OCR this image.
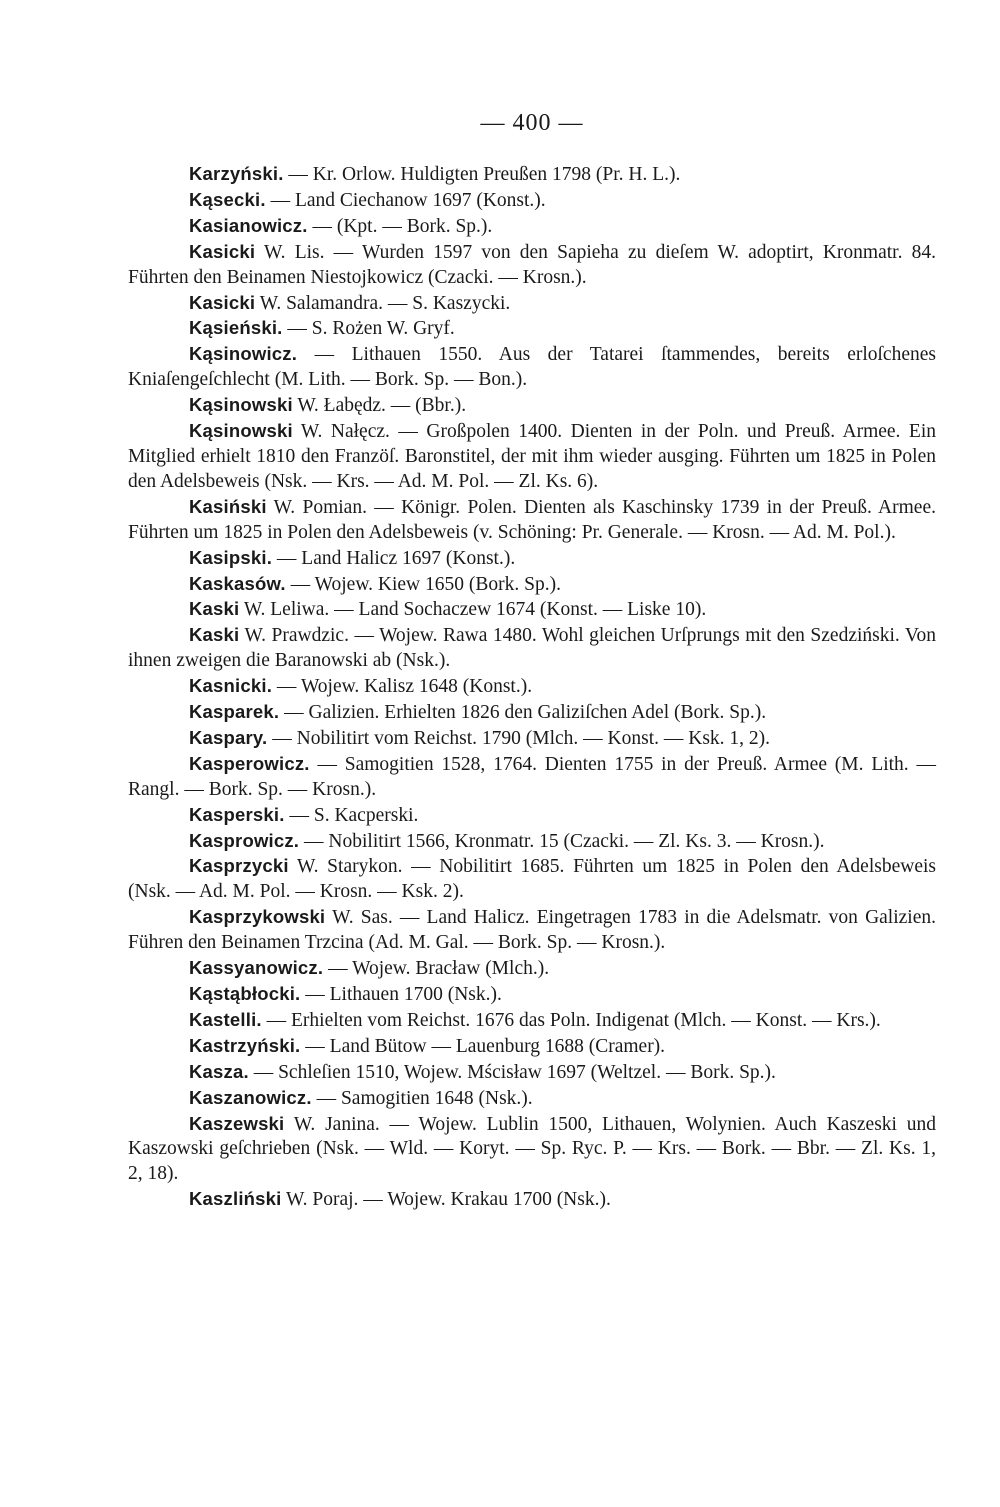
— 400 —

Karzyński. — Kr. Orlow. Huldigten Preußen 1798 (Pr. H. L.).

Kąsecki. — Land Ciechanow 1697 (Konst.).

Kasianowicz. — (Kpt. — Bork. Sp.).

Kasicki W. Lis. — Wurden 1597 von den Sapieha zu dieſem W. adoptirt, Kronmatr. 84. Führten den Beinamen Niestojkowicz (Czacki. — Krosn.).

Kasicki W. Salamandra. — S. Kaszycki.

Kąsieński. — S. Rożen W. Gryf.

Kąsinowicz. — Lithauen 1550. Aus der Tatarei ſtammendes, bereits erloſchenes Kniaſengeſchlecht (M. Lith. — Bork. Sp. — Bon.).

Kąsinowski W. Łabędz. — (Bbr.).

Kąsinowski W. Nałęcz. — Großpolen 1400. Dienten in der Poln. und Preuß. Armee. Ein Mitglied erhielt 1810 den Franzöſ. Baronstitel, der mit ihm wieder ausging. Führten um 1825 in Polen den Adelsbeweis (Nsk. — Krs. — Ad. M. Pol. — Zl. Ks. 6).

Kasiński W. Pomian. — Königr. Polen. Dienten als Kaschinsky 1739 in der Preuß. Armee. Führten um 1825 in Polen den Adelsbeweis (v. Schöning: Pr. Generale. — Krosn. — Ad. M. Pol.).

Kasipski. — Land Halicz 1697 (Konst.).

Kaskasów. — Wojew. Kiew 1650 (Bork. Sp.).

Kaski W. Leliwa. — Land Sochaczew 1674 (Konst. — Liske 10).

Kaski W. Prawdzic. — Wojew. Rawa 1480. Wohl gleichen Urſprungs mit den Szedziński. Von ihnen zweigen die Baranowski ab (Nsk.).

Kasnicki. — Wojew. Kalisz 1648 (Konst.).

Kasparek. — Galizien. Erhielten 1826 den Galiziſchen Adel (Bork. Sp.).

Kaspary. — Nobilitirt vom Reichst. 1790 (Mlch. — Konst. — Ksk. 1, 2).

Kasperowicz. — Samogitien 1528, 1764. Dienten 1755 in der Preuß. Armee (M. Lith. — Rangl. — Bork. Sp. — Krosn.).

Kasperski. — S. Kacperski.

Kasprowicz. — Nobilitirt 1566, Kronmatr. 15 (Czacki. — Zl. Ks. 3. — Krosn.).

Kasprzycki W. Starykon. — Nobilitirt 1685. Führten um 1825 in Polen den Adelsbeweis (Nsk. — Ad. M. Pol. — Krosn. — Ksk. 2).

Kasprzykowski W. Sas. — Land Halicz. Eingetragen 1783 in die Adelsmatr. von Galizien. Führen den Beinamen Trzcina (Ad. M. Gal. — Bork. Sp. — Krosn.).

Kassyanowicz. — Wojew. Bracław (Mlch.).

Kąstąbłocki. — Lithauen 1700 (Nsk.).

Kastelli. — Erhielten vom Reichst. 1676 das Poln. Indigenat (Mlch. — Konst. — Krs.).

Kastrzyński. — Land Bütow — Lauenburg 1688 (Cramer).

Kasza. — Schleſien 1510, Wojew. Mścisław 1697 (Weltzel. — Bork. Sp.).

Kaszanowicz. — Samogitien 1648 (Nsk.).

Kaszewski W. Janina. — Wojew. Lublin 1500, Lithauen, Wolynien. Auch Kaszeski und Kaszowski geſchrieben (Nsk. — Wld. — Koryt. — Sp. Ryc. P. — Krs. — Bork. — Bbr. — Zl. Ks. 1, 2, 18).

Kaszliński W. Poraj. — Wojew. Krakau 1700 (Nsk.).
